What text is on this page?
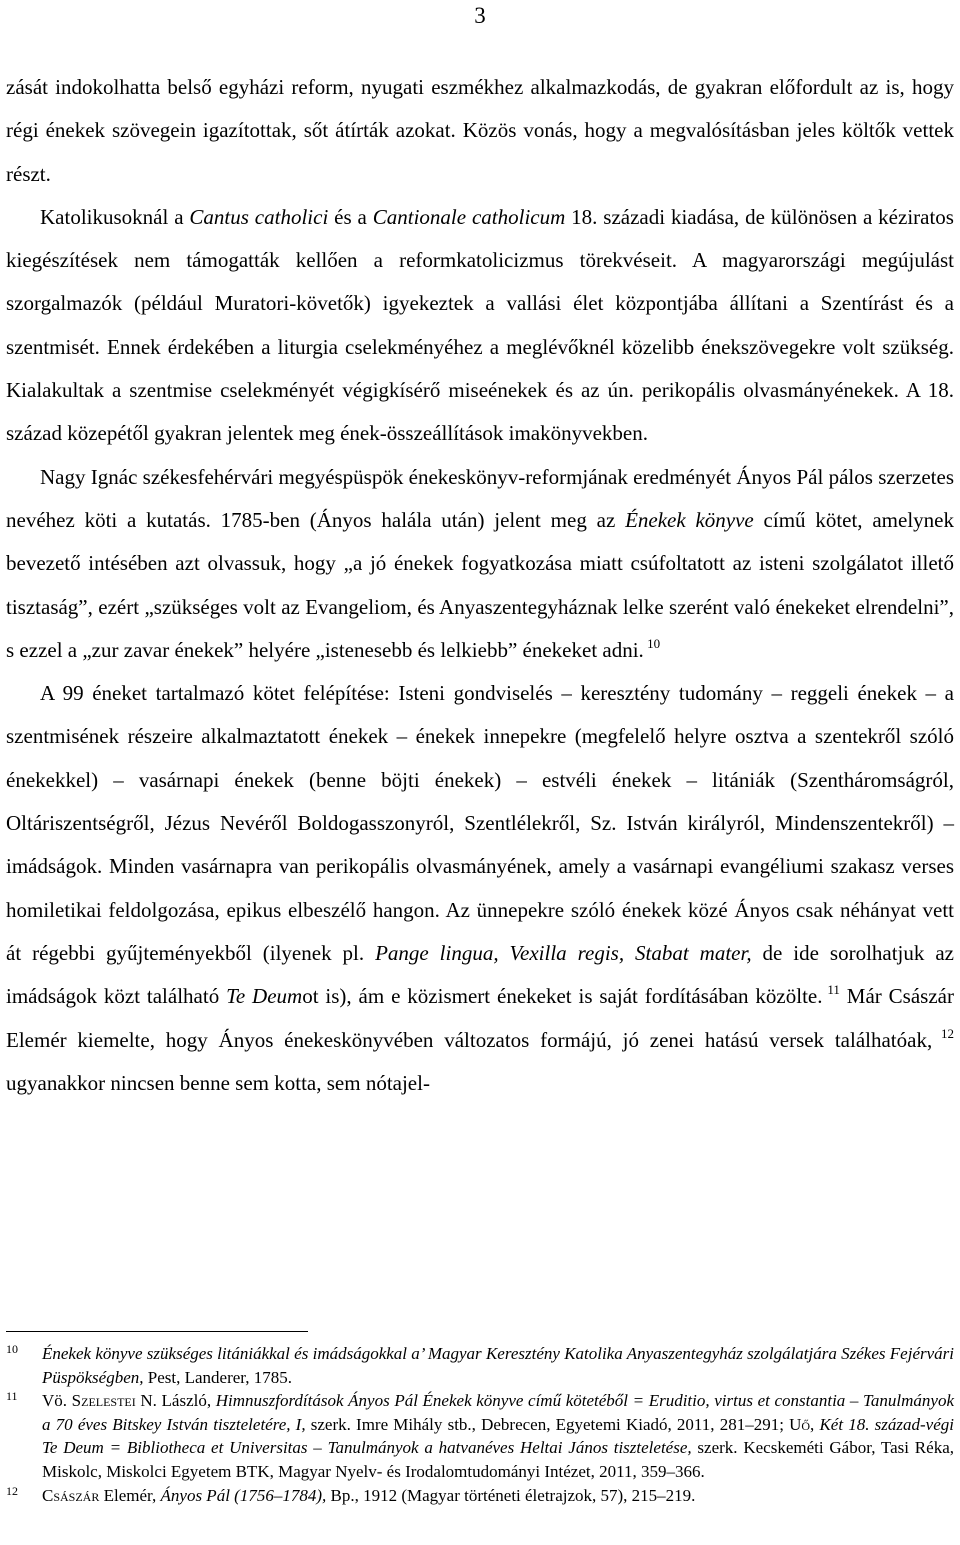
3

zását indokolhatta belső egyházi reform, nyugati eszmékhez alkalmazkodás, de gyakran előfordult az is, hogy régi énekek szövegein igazítottak, sőt átírták azokat. Közös vonás, hogy a megvalósításban jeles költők vettek részt.

Katolikusoknál a Cantus catholici és a Cantionale catholicum 18. századi kiadása, de különösen a kéziratos kiegészítések nem támogatták kellően a reformkatolicizmus törekvéseit. A magyarországi megújulást szorgalmazók (például Muratori-követők) igyekeztek a vallási élet központjába állítani a Szentírást és a szentmisét. Ennek érdekében a liturgia cselekményéhez a meglévőknél közelibb énekszövegekre volt szükség. Kialakultak a szentmise cselekményét végigkísérő miseénekek és az ún. perikopális olvasmányénekek. A 18. század közepétől gyakran jelentek meg ének-összeállítások imakönyvekben.

Nagy Ignác székesfehérvári megyéspüspök énekeskönyv-reformjának eredményét Ányos Pál pálos szerzetes nevéhez köti a kutatás. 1785-ben (Ányos halála után) jelent meg az Énekek könyve című kötet, amelynek bevezető intésében azt olvassuk, hogy „a jó énekek fogyatkozása miatt csúfoltatott az isteni szolgálatot illető tisztaság”, ezért „szükséges volt az Evangeliom, és Anyaszentegyháznak lelke szerént való énekeket elrendelni”, s ezzel a „zur zavar énekek” helyére „istenesebb és lelkiebb” énekeket adni. $^{10}$

A 99 éneket tartalmazó kötet felépítése: Isteni gondviselés – keresztény tudomány – reggeli énekek – a szentmisének részeire alkalmaztatott énekek – énekek innepekre (megfelelő helyre osztva a szentekről szóló énekekkel) – vasárnapi énekek (benne böjti énekek) – estvéli énekek – litániák (Szentháromságról, Oltáriszentségről, Jézus Nevéről Boldogasszonyról, Szentlélekről, Sz. István királyról, Mindenszentekről) – imádságok. Minden vasárnapra van perikopális olvasmányének, amely a vasárnapi evangéliumi szakasz verses homiletikai feldolgozása, epikus elbeszélő hangon. Az ünnepekre szóló énekek közé Ányos csak néhányat vett át régebbi gyűjteményekből (ilyenek pl. Pange lingua, Vexilla regis, Stabat mater, de ide sorolhatjuk az imádságok közt található Te Deumot is), ám e közismert énekeket is saját fordításában közölte. $^{11}$ Már Császár Elemér kiemelte, hogy Ányos énekeskönyvében változatos formájú, jó zenei hatású versek találhatóak, $^{12}$ ugyanakkor nincsen benne sem kotta, sem nótajel-

10 Énekek könyve szükséges litániákkal és imádságokkal a’ Magyar Keresztény Katolika Anyaszentegyház szolgálatjára Székes Fejérvári Püspökségben, Pest, Landerer, 1785.
11 Vö. Szelestei N. László, Himnuszfordítások Ányos Pál Énekek könyve című kötetéből = Eruditio, virtus et constantia – Tanulmányok a 70 éves Bitskey István tiszteletére, I, szerk. Imre Mihály stb., Debrecen, Egyetemi Kiadó, 2011, 281–291; Uő, Két 18. század-végi Te Deum = Bibliotheca et Universitas – Tanulmányok a hatvanéves Heltai János tiszteletése, szerk. Kecskeméti Gábor, Tasi Réka, Miskolc, Miskolci Egyetem BTK, Magyar Nyelv- és Irodalomtudományi Intézet, 2011, 359–366.
12 Császár Elemér, Ányos Pál (1756–1784), Bp., 1912 (Magyar történeti életrajzok, 57), 215–219.
